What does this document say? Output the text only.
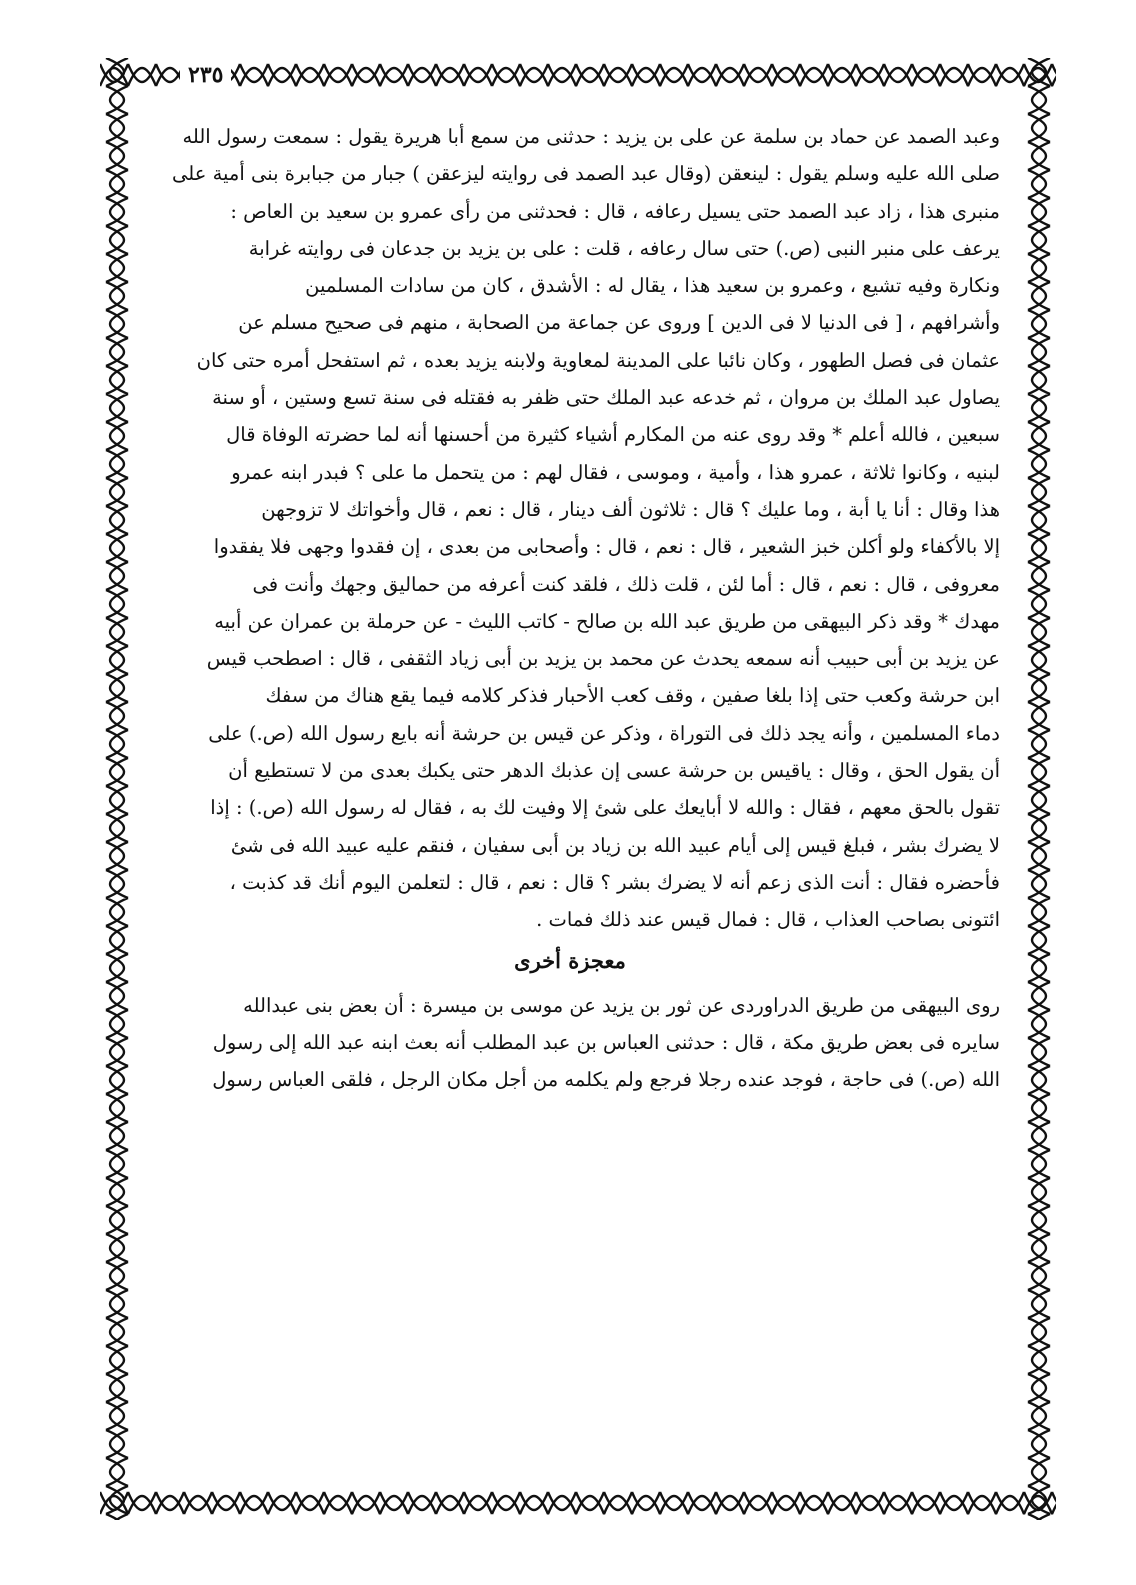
٢٣٥
وعبد الصمد عن حماد بن سلمة عن على بن يزيد : حدثنى من سمع أبا هريرة يقول : سمعت رسول الله
صلى الله عليه وسلم يقول : لينعقن (وقال عبد الصمد فى روايته ليزعقن ) جبار من جبابرة بنى أمية على
منبرى هذا ، زاد عبد الصمد حتى يسيل رعافه ، قال : فحدثنى من رأى عمرو بن سعيد بن العاص :
يرعف على منبر النبى (ص.) حتى سال رعافه ، قلت : على بن يزيد بن جدعان فى روايته غرابة
ونكارة وفيه تشيع ، وعمرو بن سعيد هذا ، يقال له : الأشدق ، كان من سادات المسلمين
وأشرافهم ، [ فى الدنيا لا فى الدين ] وروى عن جماعة من الصحابة ، منهم فى صحيح مسلم عن
عثمان فى فصل الطهور ، وكان نائبا على المدينة لمعاوية ولابنه يزيد بعده ، ثم استفحل أمره حتى كان
يصاول عبد الملك بن مروان ، ثم خدعه عبد الملك حتى ظفر به فقتله فى سنة تسع وستين ، أو سنة
سبعين ، فالله أعلم * وقد روى عنه من المكارم أشياء كثيرة من أحسنها أنه لما حضرته الوفاة قال
لبنيه ، وكانوا ثلاثة ، عمرو هذا ، وأمية ، وموسى ، فقال لهم : من يتحمل ما على ؟ فبدر ابنه عمرو
هذا وقال : أنا يا أبة ، وما عليك ؟ قال : ثلاثون ألف دينار ، قال : نعم ، قال وأخواتك لا تزوجهن
إلا بالأكفاء ولو أكلن خبز الشعير ، قال : نعم ، قال : وأصحابى من بعدى ، إن فقدوا وجهى فلا يفقدوا
معروفى ، قال : نعم ، قال : أما لئن ، قلت ذلك ، فلقد كنت أعرفه من حماليق وجهك وأنت فى
مهدك * وقد ذكر البيهقى من طريق عبد الله بن صالح - كاتب الليث - عن حرملة بن عمران عن أبيه
عن يزيد بن أبى حبيب أنه سمعه يحدث عن محمد بن يزيد بن أبى زياد الثقفى ، قال : اصطحب قيس
ابن حرشة وكعب حتى إذا بلغا صفين ، وقف كعب الأحبار فذكر كلامه فيما يقع هناك من سفك
دماء المسلمين ، وأنه يجد ذلك فى التوراة ، وذكر عن قيس بن حرشة أنه بايع رسول الله (ص.) على
أن يقول الحق ، وقال : ياقيس بن حرشة عسى إن عذبك الدهر حتى يكبك بعدى من لا تستطيع أن
تقول بالحق معهم ، فقال : والله لا أبايعك على شئ إلا وفيت لك به ، فقال له رسول الله (ص.) : إذا
لا يضرك بشر ، فبلغ قيس إلى أيام عبيد الله بن زياد بن أبى سفيان ، فنقم عليه عبيد الله فى شئ
فأحضره فقال : أنت الذى زعم أنه لا يضرك بشر ؟ قال : نعم ، قال : لتعلمن اليوم أنك قد كذبت ،
ائتونى بصاحب العذاب ، قال : فمال قيس عند ذلك فمات .
معجزة أخرى
روى البيهقى من طريق الدراوردى عن ثور بن يزيد عن موسى بن ميسرة : أن بعض بنى عبدالله
سايره فى بعض طريق مكة ، قال : حدثنى العباس بن عبد المطلب أنه بعث ابنه عبد الله إلى رسول
الله (ص.) فى حاجة ، فوجد عنده رجلا فرجع ولم يكلمه من أجل مكان الرجل ، فلقى العباس رسول
